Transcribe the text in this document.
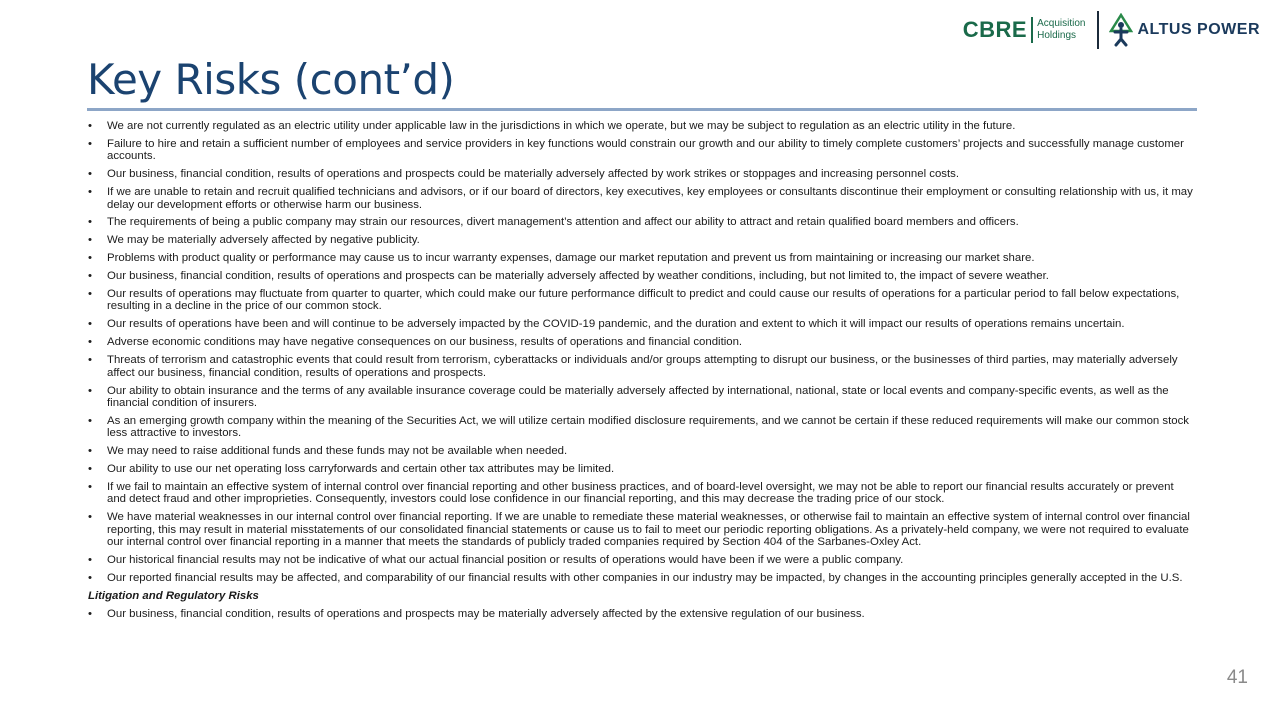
CBRE Acquisition
Holdings	ALTUS POWER
Key Risks (cont’d)
• We are not currently regulated as an electric utility under applicable law in the jurisdictions in which we operate, but we may be subject to regulation as an electric utility in the future.
• Failure to hire and retain a sufficient number of employees and service providers in key functions would constrain our growth and our ability to timely complete customers’ projects and successfully manage customer accounts.
• Our business, financial condition, results of operations and prospects could be materially adversely affected by work strikes or stoppages and increasing personnel costs.
• If we are unable to retain and recruit qualified technicians and advisors, or if our board of directors, key executives, key employees or consultants discontinue their employment or consulting relationship with us, it may delay our development efforts or otherwise harm our business.
• The requirements of being a public company may strain our resources, divert management’s attention and affect our ability to attract and retain qualified board members and officers.
• We may be materially adversely affected by negative publicity.
• Problems with product quality or performance may cause us to incur warranty expenses, damage our market reputation and prevent us from maintaining or increasing our market share.
• Our business, financial condition, results of operations and prospects can be materially adversely affected by weather conditions, including, but not limited to, the impact of severe weather.
• Our results of operations may fluctuate from quarter to quarter, which could make our future performance difficult to predict and could cause our results of operations for a particular period to fall below expectations, resulting in a decline in the price of our common stock.
• Our results of operations have been and will continue to be adversely impacted by the COVID-19 pandemic, and the duration and extent to which it will impact our results of operations remains uncertain.
• Adverse economic conditions may have negative consequences on our business, results of operations and financial condition.
• Threats of terrorism and catastrophic events that could result from terrorism, cyberattacks or individuals and/or groups attempting to disrupt our business, or the businesses of third parties, may materially adversely affect our business, financial condition, results of operations and prospects.
• Our ability to obtain insurance and the terms of any available insurance coverage could be materially adversely affected by international, national, state or local events and company-specific events, as well as the financial condition of insurers.
• As an emerging growth company within the meaning of the Securities Act, we will utilize certain modified disclosure requirements, and we cannot be certain if these reduced requirements will make our common stock less attractive to investors.
• We may need to raise additional funds and these funds may not be available when needed.
• Our ability to use our net operating loss carryforwards and certain other tax attributes may be limited.
• If we fail to maintain an effective system of internal control over financial reporting and other business practices, and of board-level oversight, we may not be able to report our financial results accurately or prevent and detect fraud and other improprieties. Consequently, investors could lose confidence in our financial reporting, and this may decrease the trading price of our stock.
• We have material weaknesses in our internal control over financial reporting. If we are unable to remediate these material weaknesses, or otherwise fail to maintain an effective system of internal control over financial reporting, this may result in material misstatements of our consolidated financial statements or cause us to fail to meet our periodic reporting obligations. As a privately-held company, we were not required to evaluate our internal control over financial reporting in a manner that meets the standards of publicly traded companies required by Section 404 of the Sarbanes-Oxley Act.
• Our historical financial results may not be indicative of what our actual financial position or results of operations would have been if we were a public company.
• Our reported financial results may be affected, and comparability of our financial results with other companies in our industry may be impacted, by changes in the accounting principles generally accepted in the U.S.
Litigation and Regulatory Risks
• Our business, financial condition, results of operations and prospects may be materially adversely affected by the extensive regulation of our business.
41
